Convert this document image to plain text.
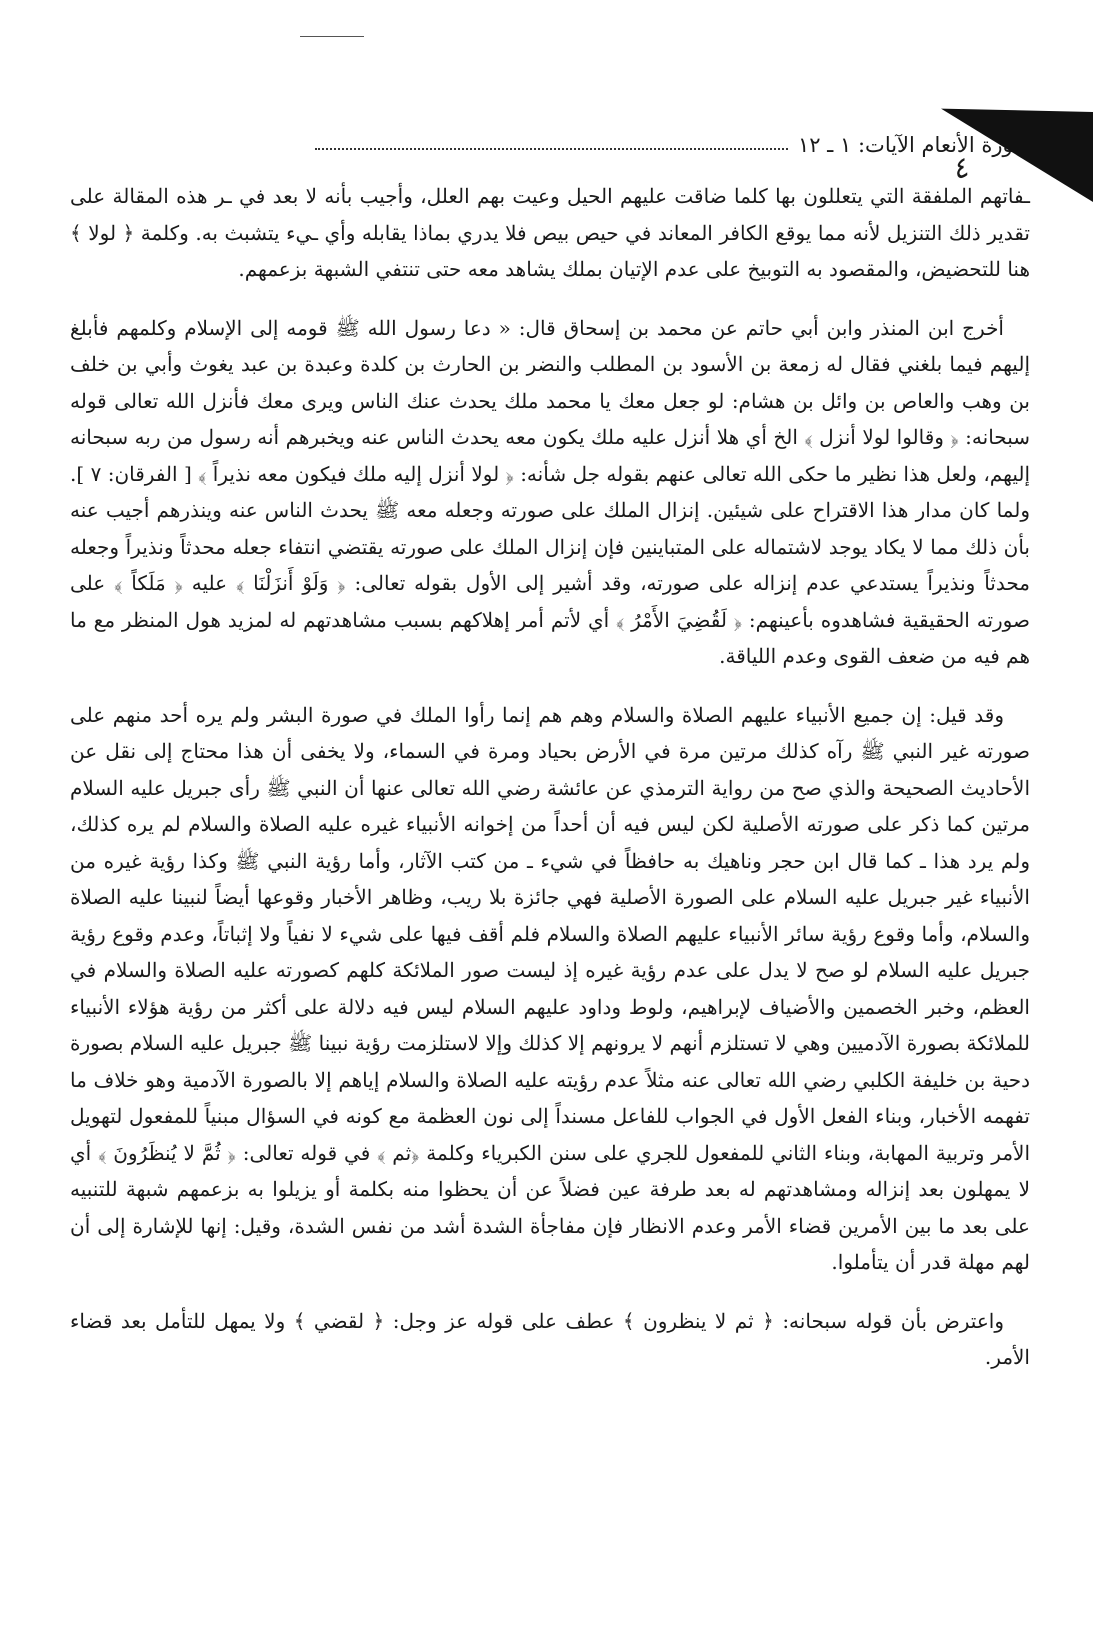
سورة الأنعام الآيات: ١ ـ ١٢
٤

ـفاتهم الملفقة التي يتعللون بها كلما ضاقت عليهم الحيل وعيت بهم العلل، وأجيب بأنه لا بعد في ـر هذه المقالة على تقدير ذلك التنزيل لأنه مما يوقع الكافر المعاند في حيص بيص فلا يدري بماذا يقابله وأي ـيء يتشبث به. وكلمة ﴿ لولا ﴾ هنا للتحضيض، والمقصود به التوبيخ على عدم الإتيان بملك يشاهد معه حتى تنتفي الشبهة بزعمهم.

أخرج ابن المنذر وابن أبي حاتم عن محمد بن إسحاق قال: « دعا رسول الله ﷺ قومه إلى الإسلام وكلمهم فأبلغ إليهم فيما بلغني فقال له زمعة بن الأسود بن المطلب والنضر بن الحارث بن كلدة وعبدة بن عبد يغوث وأبي بن خلف بن وهب والعاص بن وائل بن هشام: لو جعل معك يا محمد ملك يحدث عنك الناس ويرى معك فأنزل الله تعالى قوله سبحانه: ﴿ وقالوا لولا أنزل ﴾ الخ أي هلا أنزل عليه ملك يكون معه يحدث الناس عنه ويخبرهم أنه رسول من ربه سبحانه إليهم، ولعل هذا نظير ما حكى الله تعالى عنهم بقوله جل شأنه: ﴿ لولا أنزل إليه ملك فيكون معه نذيراً ﴾ [ الفرقان: ٧ ]. ولما كان مدار هذا الاقتراح على شيئين. إنزال الملك على صورته وجعله معه ﷺ يحدث الناس عنه وينذرهم أجيب عنه بأن ذلك مما لا يكاد يوجد لاشتماله على المتباينين فإن إنزال الملك على صورته يقتضي انتفاء جعله محدثاً ونذيراً وجعله محدثاً ونذيراً يستدعي عدم إنزاله على صورته، وقد أشير إلى الأول بقوله تعالى: ﴿ وَلَوْ أَنزَلْنَا ﴾ عليه ﴿ مَلَكاً ﴾ على صورته الحقيقية فشاهدوه بأعينهم: ﴿ لَقُضِيَ الأَمْرُ ﴾ أي لأتم أمر إهلاكهم بسبب مشاهدتهم له لمزيد هول المنظر مع ما هم فيه من ضعف القوى وعدم اللياقة.

وقد قيل: إن جميع الأنبياء عليهم الصلاة والسلام وهم هم إنما رأوا الملك في صورة البشر ولم يره أحد منهم على صورته غير النبي ﷺ رآه كذلك مرتين مرة في الأرض بحياد ومرة في السماء، ولا يخفى أن هذا محتاج إلى نقل عن الأحاديث الصحيحة والذي صح من رواية الترمذي عن عائشة رضي الله تعالى عنها أن النبي ﷺ رأى جبريل عليه السلام مرتين كما ذكر على صورته الأصلية لكن ليس فيه أن أحداً من إخوانه الأنبياء غيره عليه الصلاة والسلام لم يره كذلك، ولم يرد هذا ـ كما قال ابن حجر وناهيك به حافظاً في شيء ـ من كتب الآثار، وأما رؤية النبي ﷺ وكذا رؤية غيره من الأنبياء غير جبريل عليه السلام على الصورة الأصلية فهي جائزة بلا ريب، وظاهر الأخبار وقوعها أيضاً لنبينا عليه الصلاة والسلام، وأما وقوع رؤية سائر الأنبياء عليهم الصلاة والسلام فلم أقف فيها على شيء لا نفياً ولا إثباتاً، وعدم وقوع رؤية جبريل عليه السلام لو صح لا يدل على عدم رؤية غيره إذ ليست صور الملائكة كلهم كصورته عليه الصلاة والسلام في العظم، وخبر الخصمين والأضياف لإبراهيم، ولوط وداود عليهم السلام ليس فيه دلالة على أكثر من رؤية هؤلاء الأنبياء للملائكة بصورة الآدميين وهي لا تستلزم أنهم لا يرونهم إلا كذلك وإلا لاستلزمت رؤية نبينا ﷺ جبريل عليه السلام بصورة دحية بن خليفة الكلبي رضي الله تعالى عنه مثلاً عدم رؤيته عليه الصلاة والسلام إياهم إلا بالصورة الآدمية وهو خلاف ما تفهمه الأخبار، وبناء الفعل الأول في الجواب للفاعل مسنداً إلى نون العظمة مع كونه في السؤال مبنياً للمفعول لتهويل الأمر وتربية المهابة، وبناء الثاني للمفعول للجري على سنن الكبرياء وكلمة ﴿ثم ﴾ في قوله تعالى: ﴿ ثُمَّ لا يُنظَرُونَ ﴾ أي لا يمهلون بعد إنزاله ومشاهدتهم له بعد طرفة عين فضلاً عن أن يحظوا منه بكلمة أو يزيلوا به بزعمهم شبهة للتنبيه على بعد ما بين الأمرين قضاء الأمر وعدم الانظار فإن مفاجأة الشدة أشد من نفس الشدة، وقيل: إنها للإشارة إلى أن لهم مهلة قدر أن يتأملوا.

واعترض بأن قوله سبحانه: ﴿ ثم لا ينظرون ﴾ عطف على قوله عز وجل: ﴿ لقضي ﴾ ولا يمهل للتأمل بعد قضاء الأمر.
